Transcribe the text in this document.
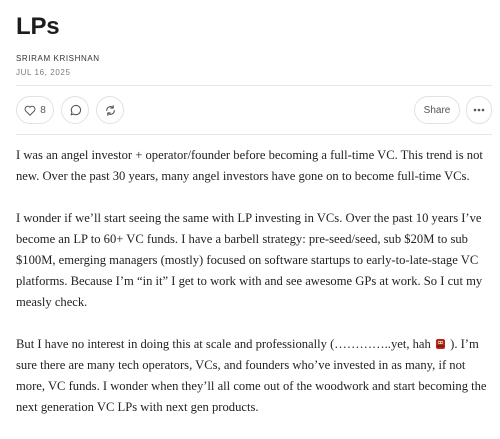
LPs
SRIRAM KRISHNAN
JUL 16, 2025
8	Share

I was an angel investor + operator/founder before becoming a full-time VC. This trend is not new. Over the past 30 years, many angel investors have gone on to become full-time VCs.

I wonder if we’ll start seeing the same with LP investing in VCs. Over the past 10 years I’ve become an LP to 60+ VC funds. I have a barbell strategy: pre-seed/seed, sub $20M to sub $100M, emerging managers (mostly) focused on software startups to early-to-late-stage VC platforms. Because I’m “in it” I get to work with and see awesome GPs at work. So I cut my measly check.

But I have no interest in doing this at scale and professionally (…………..yet, hah ). I’m sure there are many tech operators, VCs, and founders who’ve invested in as many, if not more, VC funds. I wonder when they’ll all come out of the woodwork and start becoming the next generation VC LPs with next gen products.
